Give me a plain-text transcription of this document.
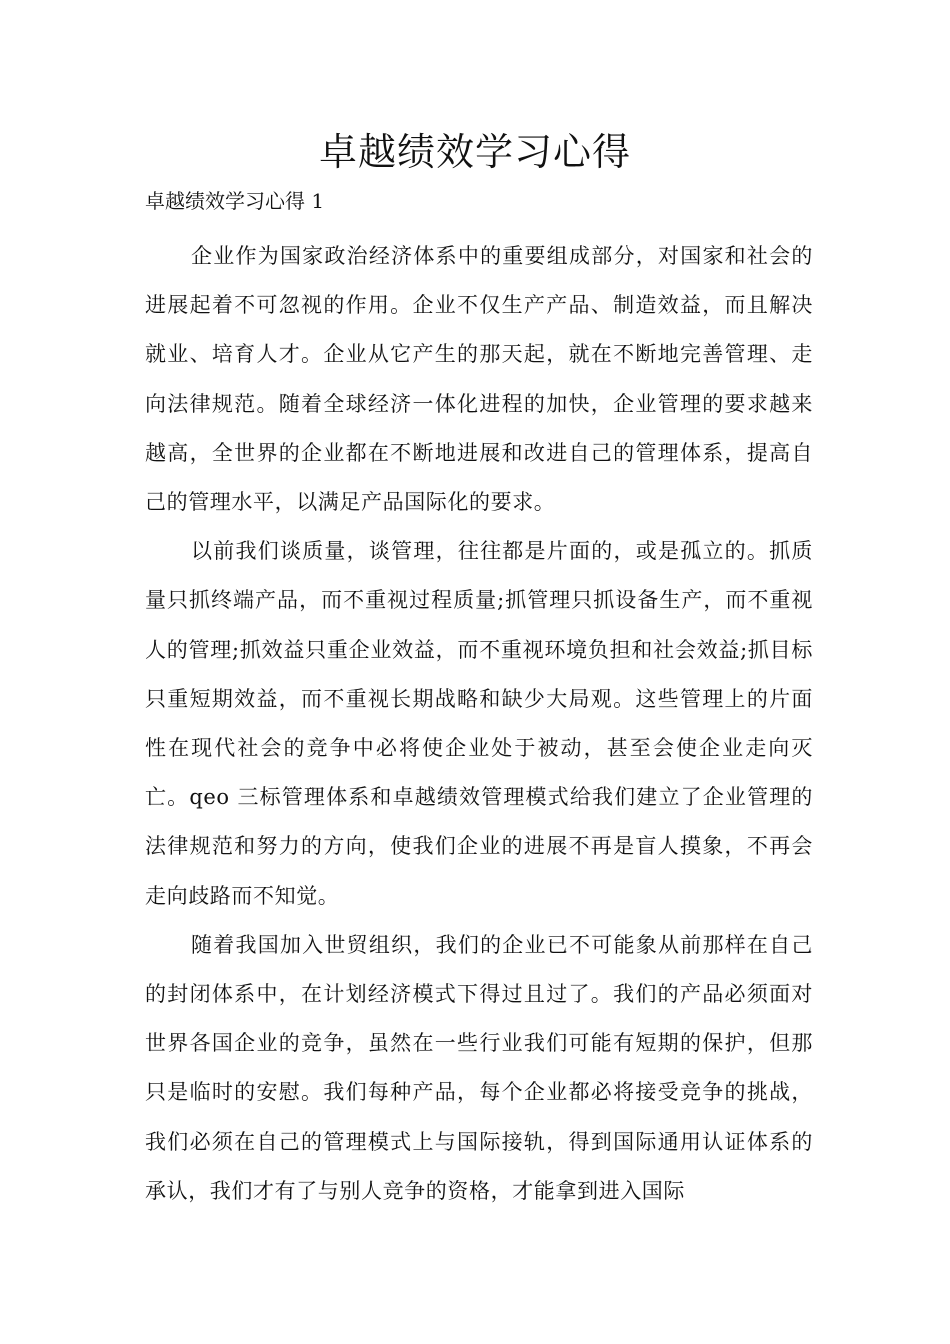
卓越绩效学习心得

卓越绩效学习心得 1

企业作为国家政治经济体系中的重要组成部分，对国家和社会的进展起着不可忽视的作用。企业不仅生产产品、制造效益，而且解决就业、培育人才。企业从它产生的那天起，就在不断地完善管理、走向法律规范。随着全球经济一体化进程的加快，企业管理的要求越来越高，全世界的企业都在不断地进展和改进自己的管理体系，提高自己的管理水平，以满足产品国际化的要求。

以前我们谈质量，谈管理，往往都是片面的，或是孤立的。抓质量只抓终端产品，而不重视过程质量;抓管理只抓设备生产，而不重视人的管理;抓效益只重企业效益，而不重视环境负担和社会效益;抓目标只重短期效益，而不重视长期战略和缺少大局观。这些管理上的片面性在现代社会的竞争中必将使企业处于被动，甚至会使企业走向灭亡。qeo 三标管理体系和卓越绩效管理模式给我们建立了企业管理的法律规范和努力的方向，使我们企业的进展不再是盲人摸象，不再会走向歧路而不知觉。

随着我国加入世贸组织，我们的企业已不可能象从前那样在自己的封闭体系中，在计划经济模式下得过且过了。我们的产品必须面对世界各国企业的竞争，虽然在一些行业我们可能有短期的保护，但那只是临时的安慰。我们每种产品，每个企业都必将接受竞争的挑战，我们必须在自己的管理模式上与国际接轨，得到国际通用认证体系的承认，我们才有了与别人竞争的资格，才能拿到进入国际
